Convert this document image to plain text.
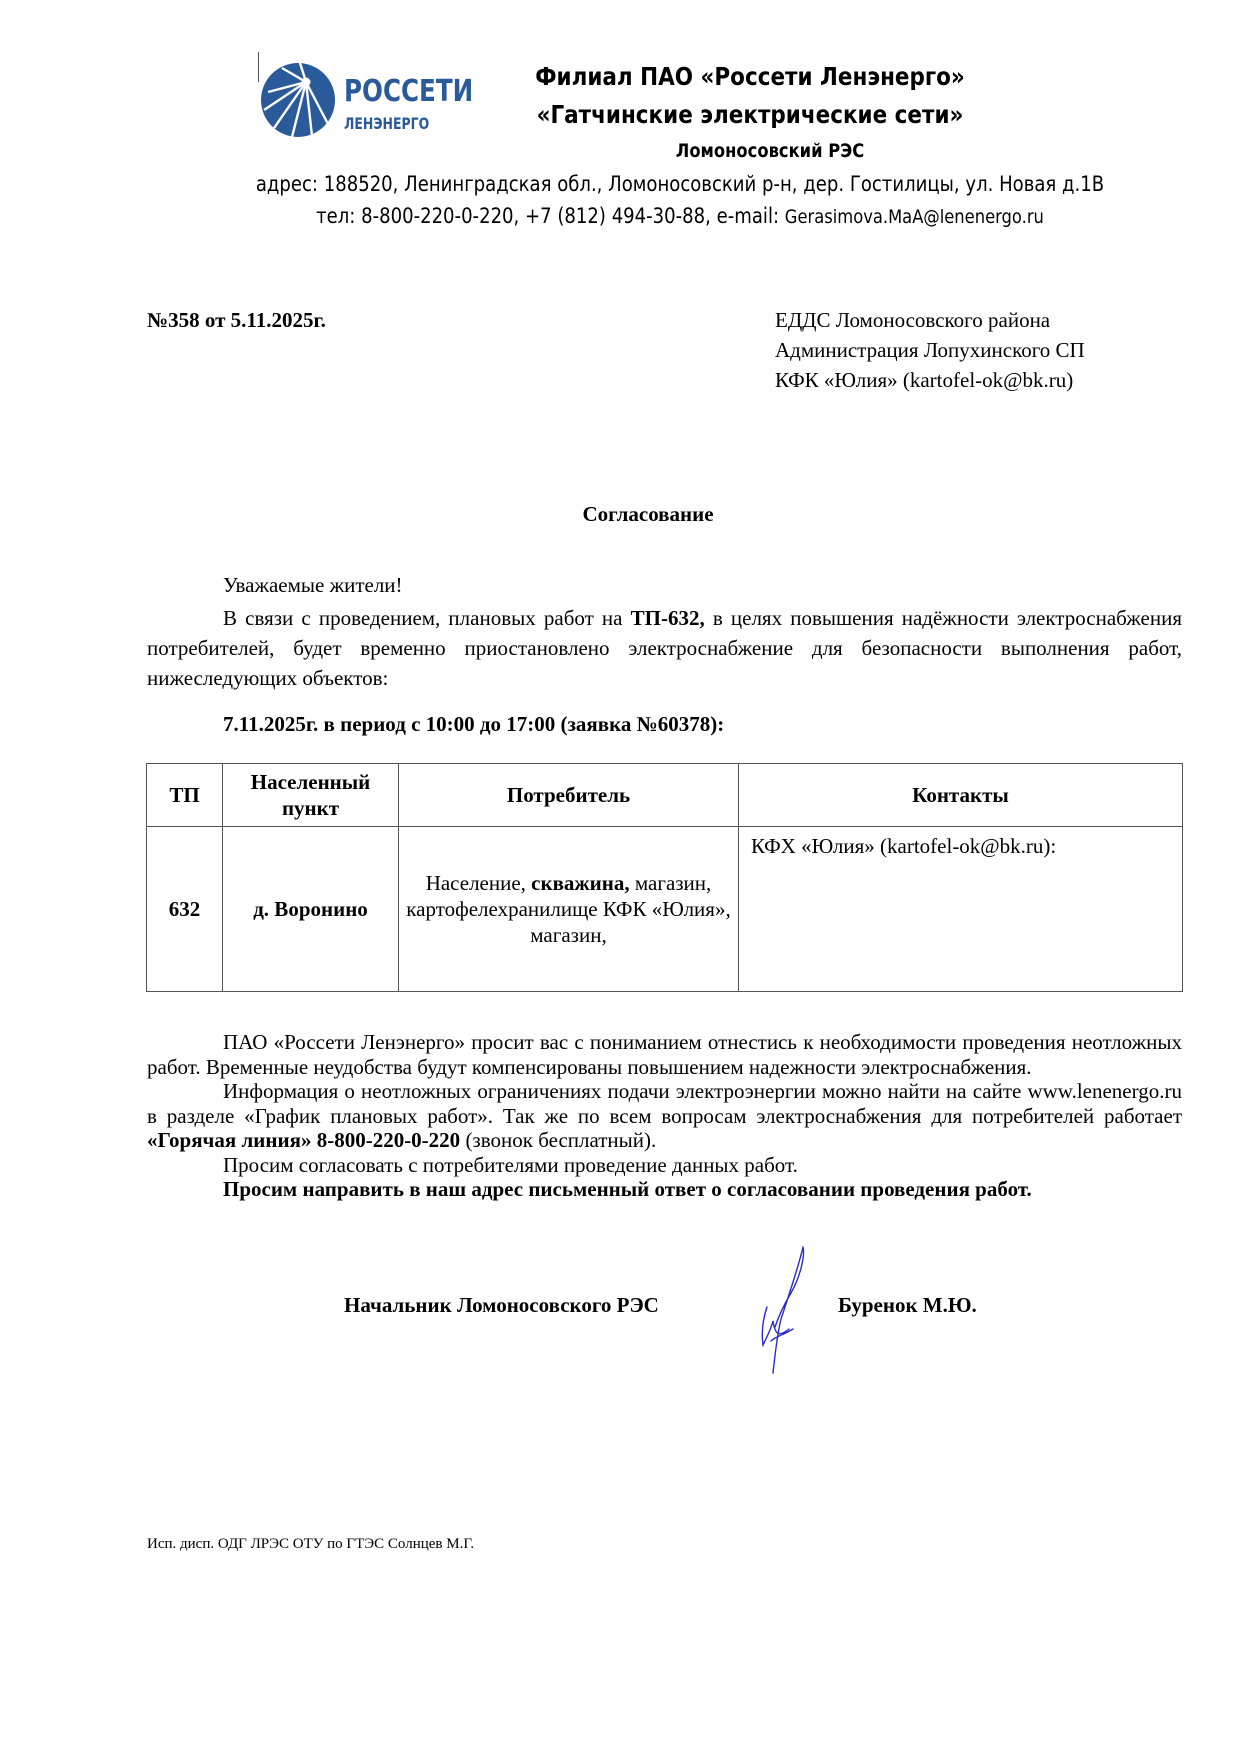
РОССЕТИ
ЛЕНЭНЕРГО
Филиал ПАО «Россети Ленэнерго»
«Гатчинские электрические сети»
Ломоносовский РЭС
адрес: 188520, Ленинградская обл., Ломоносовский р-н, дер. Гостилицы, ул. Новая д.1В
тел: 8-800-220-0-220, +7 (812) 494-30-88, e-mail: Gerasimova.MaA@lenenergo.ru
№358 от 5.11.2025г.	ЕДДС Ломоносовского района
Администрация Лопухинского СП
КФК «Юлия» (kartofel-ok@bk.ru)
Согласование
Уважаемые жители!

В связи с проведением, плановых работ на ТП-632, в целях повышения надёжности электроснабжения потребителей, будет временно приостановлено электроснабжение для безопасности выполнения работ, нижеследующих объектов:

7.11.2025г. в период с 10:00 до 17:00 (заявка №60378):
ТП	Населенный пункт	Потребитель	Контакты
632	д. Воронино	Население, скважина, магазин, картофелехранилище КФК «Юлия», магазин,	КФХ «Юлия» (kartofel-ok@bk.ru):

ПАО «Россети Ленэнерго» просит вас с пониманием отнестись к необходимости проведения неотложных работ. Временные неудобства будут компенсированы повышением надежности электроснабжения.

Информация о неотложных ограничениях подачи электроэнергии можно найти на сайте www.lenenergo.ru в разделе «График плановых работ». Так же по всем вопросам электроснабжения для потребителей работает «Горячая линия» 8-800-220-0-220 (звонок бесплатный).

Просим согласовать с потребителями проведение данных работ.

Просим направить в наш адрес письменный ответ о согласовании проведения работ.

Начальник Ломоносовского РЭС	Буренок М.Ю.
Исп. дисп. ОДГ ЛРЭС ОТУ по ГТЭС Солнцев М.Г.
